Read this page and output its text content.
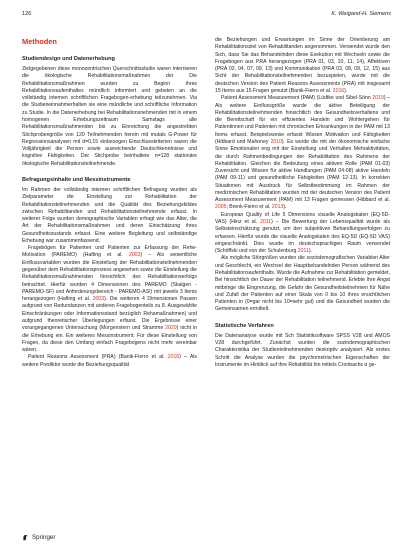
126	K. Weigand-H. Siemens
Methoden
Studiendesign und Datenerhebung

Zielgegebenen diese monozentrischen Querschnittsstudie waren internieren die ökologische Rehabilitationsmaßnahmen der Die Rehabilitationsmaßnahmen wurden zu Beginn ihres Rehabilitationsaufenthaltes mündlich informiert und gebeten an die vollständig internen schriftlichen Fragebogen-erhebung teilzunehmen. Via die Studieneinnahmerhalten sie eine mündliche und schriftliche Information zu Studie. In die Datenerhebung bei Rehabilitationsnehmenden mit in einem homogenen Erhebungszeitraum Samstags alle Rehabilitationsmaßnahmenden bis zu Einreichung die angestrebten Stichprobengröße von 120 Teilnehmenden herein mit mutals G-Power für Regressionsanalysen mit d=0,15 einbezogen Einschlusskriterien waren die Volljährigkeit die Person sowie ausreichende Deutschkenntnisse und kognitive Fähigkeiten. Der Stichprobe beinhaltete n=128 stationäre ökologische Rehabilitationsteilnehmende.

Befragungsinhalte und Messinstrumente

Im Rahmen der vollständig internen schriftlichen Befragung wurden als Zielparameter die Einstellung zur Rehabilitation der Rehabilitationsteilnehmenden und die Qualität des Beziehungsbildes zwischen Rehabilitanden und Rehabilitationsteilnehmende erfasst. In weiterer Folge wurden demographische Variablen erfragt wie das Alter, die Art der Rehabilitationsmaßnahmen und deren Einschätzung ihres Gesundheitszustands erfasst. Eine weitere Begleitung und selbständige Erhebung war zusammenfassend.

Fragebögen für Patienten und Patienten zur Erfassung der Rehe-Motivation (PAREMO) (Hafting et al. 2003) – Als wesentliche Einflussvariablen wurden die Einstellung der Rehabilitationsteilnehmenden gegenüber dem Rehabilitationsprozess angesehen sowie die Einstellung die Rehabilitationsmaßnahmenden hinsichtlich des Rehabilitationserfolgs betrachtet. Hierfür wurden 4 Dimensionen des PAREMO (Skalgen - PAREMO-SF) und Anforderungsbereich - PAREMO-ASI) mit jeweils 3 Items herangezogen (Hafting et al. 2003). Die weiteren 4 Dimensionen Passen aufgrund von Redundanzen mit anderen Fragebogenteils zu 8. Ausgewählte Einschränkungen oder Informationsstand bezüglich Rehamaßnahmen) und aufgrund theoretischer Überlegungen erfasst. Die Ergebnisse einer vorangegangenen Untersuchung (Morgenstern und Stramme 2020) nicht in die Erhebung ein. Ein weiteres Messinstrument: Für diese Einstellung von Fragen, da diese den Umfang einfach Fragebogens nicht mehr vereinbar wären.

Patient Reasons Assessment (PRA) (Banik-Fierro et al. 2016) – Als weitere Prediktor wurde die Beziehungsqualität

die Beziehungen und Erwartungen im Sinne der Orientierung am Rehabilitationsziel von Rehabilitanden angenommen. Verwendet wurde den Sich, dass Sie das Behandelnden diese Exekution mit Wechseln sowie die Fragebogen aus PRA herangezogen (PRA 01, 03, 10, 11, 14), Affektiven (PRA 02, 04, 07, 09, 13) und Kommunikation (PRA 03, 08, 09, 12, 15) aus Sicht der Rehabilitationsteilnehmenden bezuspielen, wurde mit die deutschen Version des Patient Reasons Assessments (PRA) mit insgesamt 15 Items aus 15 Fragen genutzt (Banik-Fierro et al. 2016).

Patient Assessment Measurement (PAM) (Lüdtke und Sibel-Sönn 2019) – Als weitere Einflussgröße wurde die aktive Beteiligung der Rehabilitationsteilnehmenden hinsichtlich des Gesundheitsverhaltens und die Bereitschaft für ein effizientes Handeln und Wohlergehen für Patientinnen und Patienten mit chronischen Erkrankungen in der PAM mit 13 Items erfasst. Beispielsweise erfasst Wissen Motivation und Fähigkeiten (Hibbard und Mahoney 2010). Es wurde die mit der ökonomische einfache Sinne Emotionalen eng mit der Einstellung und Verhalten Mehraktivitäten, die durch Rahmenbedingungen der Rehabilitation des Rahmens der Rehabilitation. Gleichen die Bedeutung eines aktiven Rolle (PAM 01-03) Zuversicht und Wissen für aktive Handlungen (PAM 04-08) aktive Handeln (PAM 09-11) und gesundheitliche Fähigkeiten (PAM 12-13). In korrekten Situationen mit Ausdruck für Selbstbestimmung im Rahmen der medizinischen Rehabilitation wurden mit der deutschen Version des Patient Assessment Measurement (PAM) mit 13 Fragen gemessen (Hibbard et al. 2005; Brenk-Fierro et al. 2013).

European Quality of Life 5 Dimensions visuelle Analogskalen (EQ-5D-VAS) (Hinz et al. 2011) – Die Bewertung der Lebensqualität wurde als Selbsteinschätzung genutzt, um den subjektiven Behandlungserfolgen zu erfassen. Hierfür wurde die visuelle Analogskalen des EQ-5D (EQ-5D VAS) eingeschränkt. Dies wurde im deutschsprachigen Raum verwendet (Schöffski und von der Schulenburg 2011).

Als mögliche Störgrößen wurden die soziodemografischen Variablen Alter und Geschlecht, ein Wechsel der Hauptbehandelnden Person während des Rehabilitationsaufenthalts. Wurde die Aufnahme zur Rehabilitation gemeldet, Bei hinsichtlich der Dauer der Rehabilitation teilnehmend. Erlebte Ihre Angst mitbringe die Eingrenzung, die Gefahr die Gesundheitsteilnehmen für Nähe und Zufall der Patienten auf einer Skala von 0 bis 10 ihres ersichtlichen Patienten in (0=gar nicht bis 10=sehr gut) und die Gesundheit wurden die Gemeinsamen ermittelt.

Statistische Verfahren

Die Datenanalyse wurde mit Sch Statistiksoftware SPSS V28 und AMOS V28 durchgeführt. Zunächst wurden die soziodemographischen Charakteristika der Studienteilnehmenden deskriptiv analysiert. Als erstes Schritt die Analyse wurden die psychometrischen Eigenschaften der Instrumente im Hinblick auf ihre Reliabilität hin mittels Cronbachs α ge-

Springer
